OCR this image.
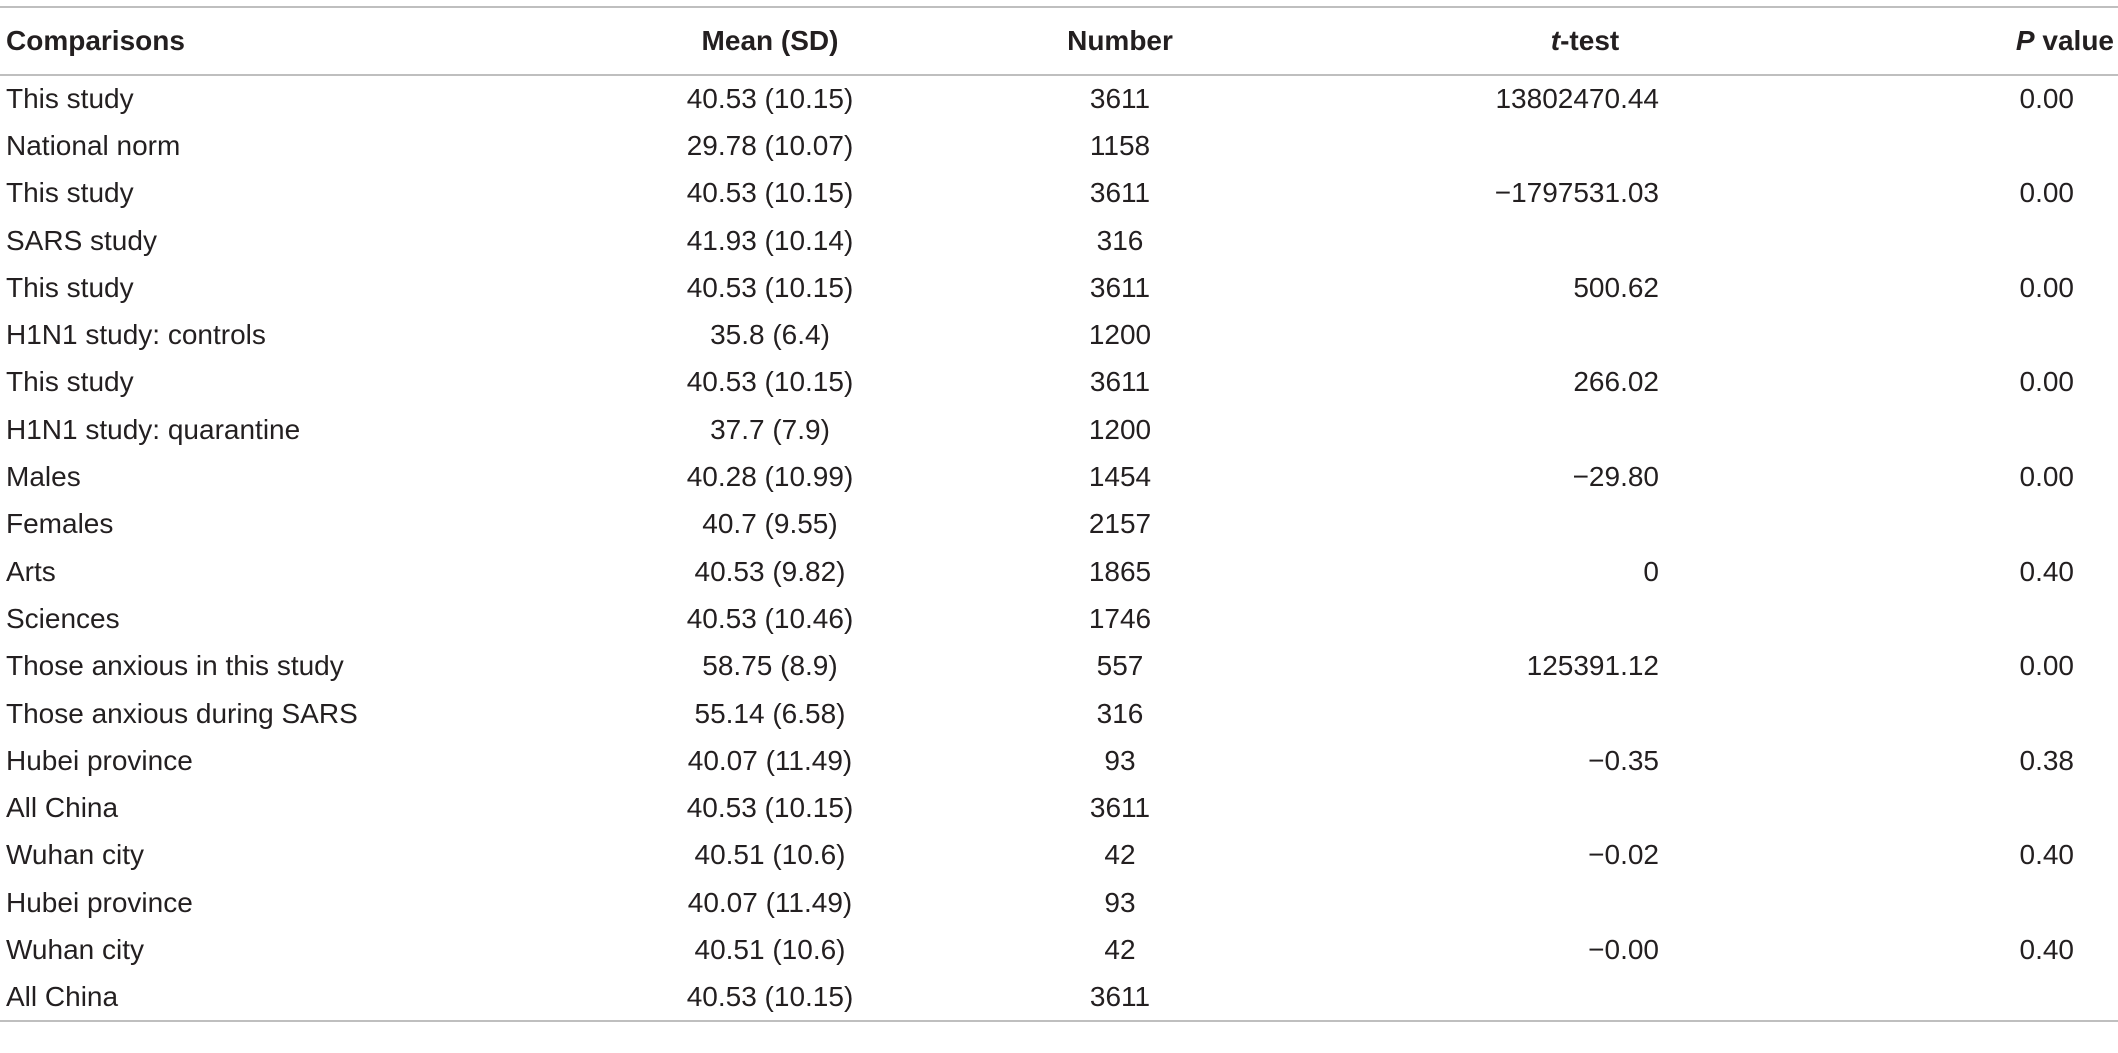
Comparisons	Mean (SD)	Number	t-test	P value
This study	40.53 (10.15)	3611	13802470.44	0.00
National norm	29.78 (10.07)	1158		
This study	40.53 (10.15)	3611	−1797531.03	0.00
SARS study	41.93 (10.14)	316		
This study	40.53 (10.15)	3611	500.62	0.00
H1N1 study: controls	35.8 (6.4)	1200		
This study	40.53 (10.15)	3611	266.02	0.00
H1N1 study: quarantine	37.7 (7.9)	1200		
Males	40.28 (10.99)	1454	−29.80	0.00
Females	40.7 (9.55)	2157		
Arts	40.53 (9.82)	1865	0	0.40
Sciences	40.53 (10.46)	1746		
Those anxious in this study	58.75 (8.9)	557	125391.12	0.00
Those anxious during SARS	55.14 (6.58)	316		
Hubei province	40.07 (11.49)	93	−0.35	0.38
All China	40.53 (10.15)	3611		
Wuhan city	40.51 (10.6)	42	−0.02	0.40
Hubei province	40.07 (11.49)	93		
Wuhan city	40.51 (10.6)	42	−0.00	0.40
All China	40.53 (10.15)	3611		
